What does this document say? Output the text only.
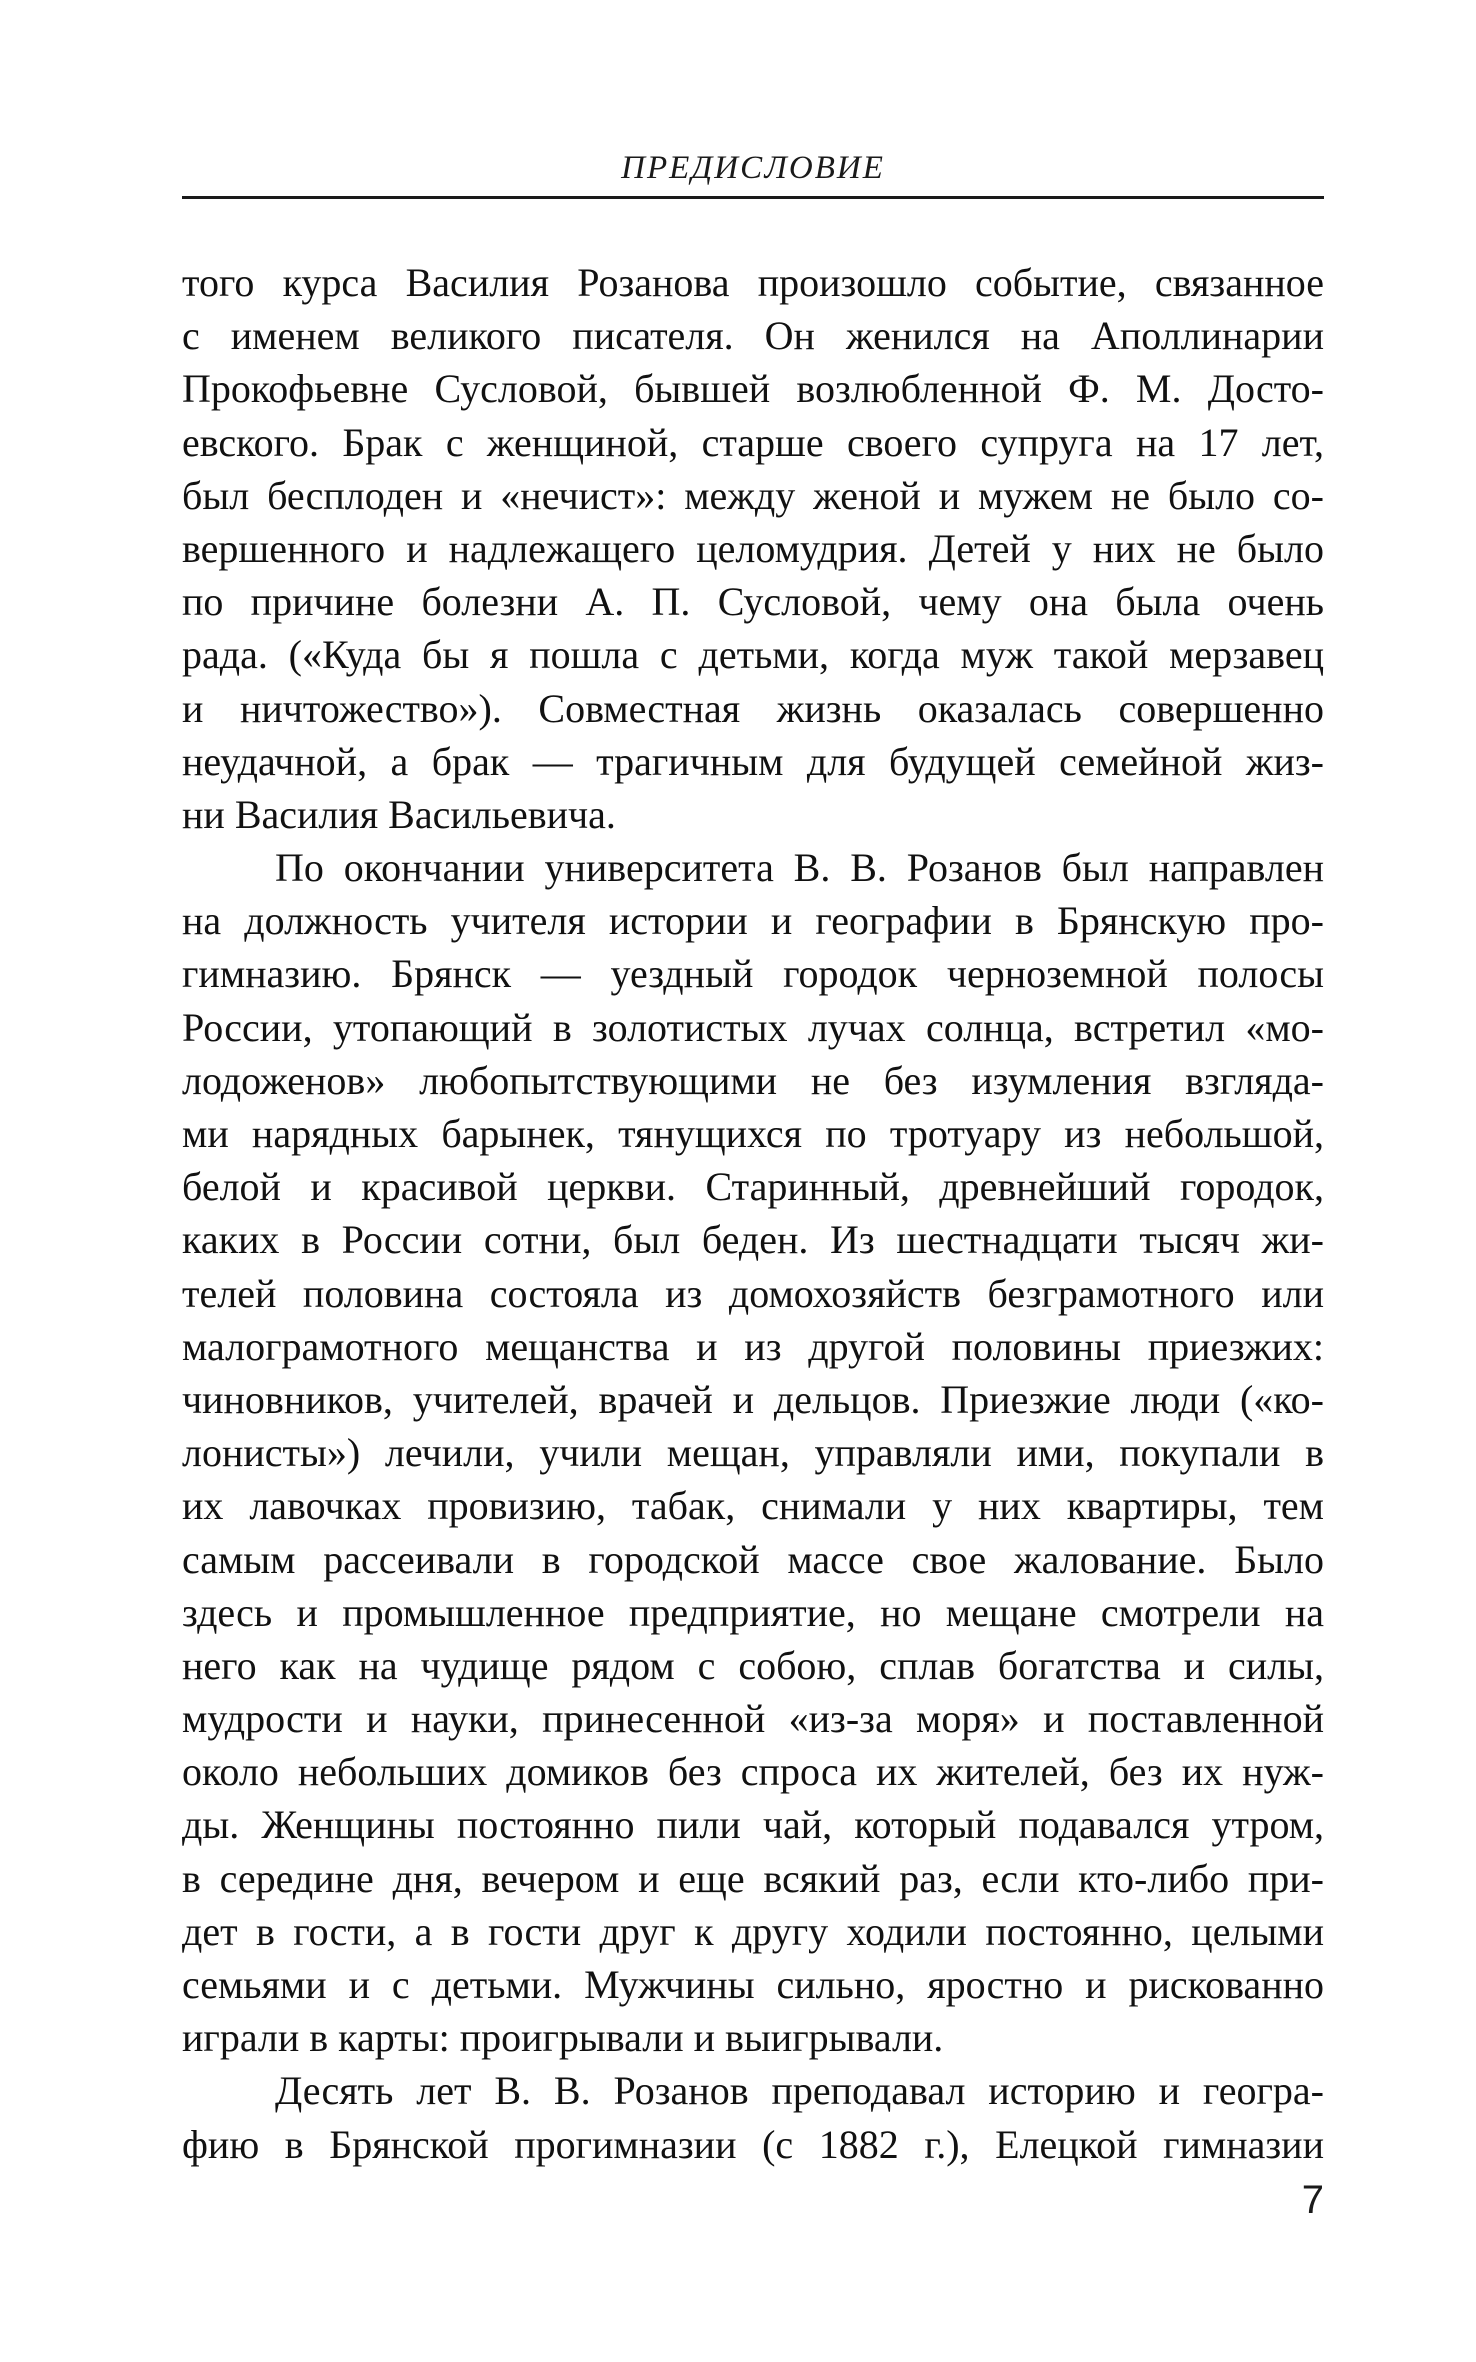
ПРЕДИСЛОВИЕ
того курса Василия Розанова произошло событие, связанное
с именем великого писателя. Он женился на Аполлинарии
Прокофьевне Сусловой, бывшей возлюбленной Ф. М. Досто-
евского. Брак с женщиной, старше своего супруга на 17 лет,
был бесплоден и «нечист»: между женой и мужем не было со-
вершенного и надлежащего целомудрия. Детей у них не было
по причине болезни А. П. Сусловой, чему она была очень
рада. («Куда бы я пошла с детьми, когда муж такой мерзавец
и ничтожество»). Совместная жизнь оказалась совершенно
неудачной, а брак — трагичным для будущей семейной жиз-
ни Василия Васильевича.
По окончании университета В. В. Розанов был направлен
на должность учителя истории и географии в Брянскую про-
гимназию. Брянск — уездный городок черноземной полосы
России, утопающий в золотистых лучах солнца, встретил «мо-
лодоженов» любопытствующими не без изумления взгляда-
ми нарядных барынек, тянущихся по тротуару из небольшой,
белой и красивой церкви. Старинный, древнейший городок,
каких в России сотни, был беден. Из шестнадцати тысяч жи-
телей половина состояла из домохозяйств безграмотного или
малограмотного мещанства и из другой половины приезжих:
чиновников, учителей, врачей и дельцов. Приезжие люди («ко-
лонисты») лечили, учили мещан, управляли ими, покупали в
их лавочках провизию, табак, снимали у них квартиры, тем
самым рассеивали в городской массе свое жалование. Было
здесь и промышленное предприятие, но мещане смотрели на
него как на чудище рядом с собою, сплав богатства и силы,
мудрости и науки, принесенной «из-за моря» и поставленной
около небольших домиков без спроса их жителей, без их нуж-
ды. Женщины постоянно пили чай, который подавался утром,
в середине дня, вечером и еще всякий раз, если кто-либо при-
дет в гости, а в гости друг к другу ходили постоянно, целыми
семьями и с детьми. Мужчины сильно, яростно и рискованно
играли в карты: проигрывали и выигрывали.
Десять лет В. В. Розанов преподавал историю и геогра-
фию в Брянской прогимназии (с 1882 г.), Елецкой гимназии
7
